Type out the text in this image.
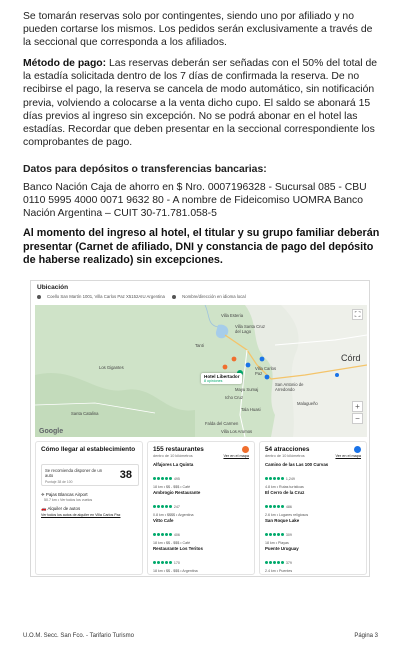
Se tomarán reservas solo por contingentes, siendo uno por afiliado y no pueden cortarse los mismos. Los pedidos serán exclusivamente a través de la seccional que corresponda a los afiliados.
Método de pago: Las reservas deberán ser señadas con el 50% del total de la estadía solicitada dentro de los 7 días de confirmada la reserva. De no recibirse el pago, la reserva se cancela de modo automático, sin notificación previa, volviendo a colocarse a la venta dicho cupo. El saldo se abonará 15 días previos al ingreso sin excepción. No se podrá abonar en el hotel las estadías. Recordar que deben presentar en la seccional correspondiente los comprobantes de pago.
Datos para depósitos o transferencias bancarias:
Banco Nación Caja de ahorro en $ Nro. 0007196328 - Sucursal 085 - CBU 0110 5995 4000 0071 9632 80 - A nombre de Fideicomiso UOMRA Banco Nación Argentina – CUIT 30-71.781.058-5
Al momento del ingreso al hotel, el titular y su grupo familiar deberán presentar (Carnet de afiliado, DNI y constancia de pago del depósito de haberse realizado) sin excepciones.
Ubicación
Coello San Martín 1001, Villa Carlos Paz X5152AIU Argentina	Nombre/dirección en idioma local
Villa Esteria
Villa Santa Cruz del Lago
Tanti
Los Gigantes	Villa Carlos Paz
San Antonio de Arredondo
Mayu Sumaj
Icho Cruz
Tala Huasi
Malagueño
Santa Catalina
Falda del Carmen
Villa Los Aromos
Córd
Hotel Libertador
8 opiniones
⛶
+
−
Google
Cómo llegar al establecimiento
Se recomienda disponer de un auto	38
Puntaje 38 de 100
✈ Pajas Blancas Airport
50.7 km • Ver todos los vuelos
🚗 Alquiler de autos
Ver todos los autos de alquiler en Villa Carlos Paz
155 restaurantes
dentro de 10 kilómetros	Ver en el mapa
Alfajores La Quinta
495
18 km • $$ - $$$ • Café
Ambrogio Restaurante
247
0.8 km • $$$$ • Argentina
Vitto Cafe
406
18 km • $$ - $$$ • Café
Restaurante Los Teritos
170
18 km • $$ - $$$ • Argentina
54 atracciones
dentro de 10 kilómetros	Ver en el mapa
Camino de las Las 100 Curvas
1,249
4.8 km • Rutas turísticas
El Cerro de la Cruz
486
2.6 km • Lugares religiosos
San Roque Lake
309
18 km • Playas
Puente Uruguay
379
2.4 km • Puentes
U.O.M. Secc. San Fco. - Tarifario Turismo	Página 3
